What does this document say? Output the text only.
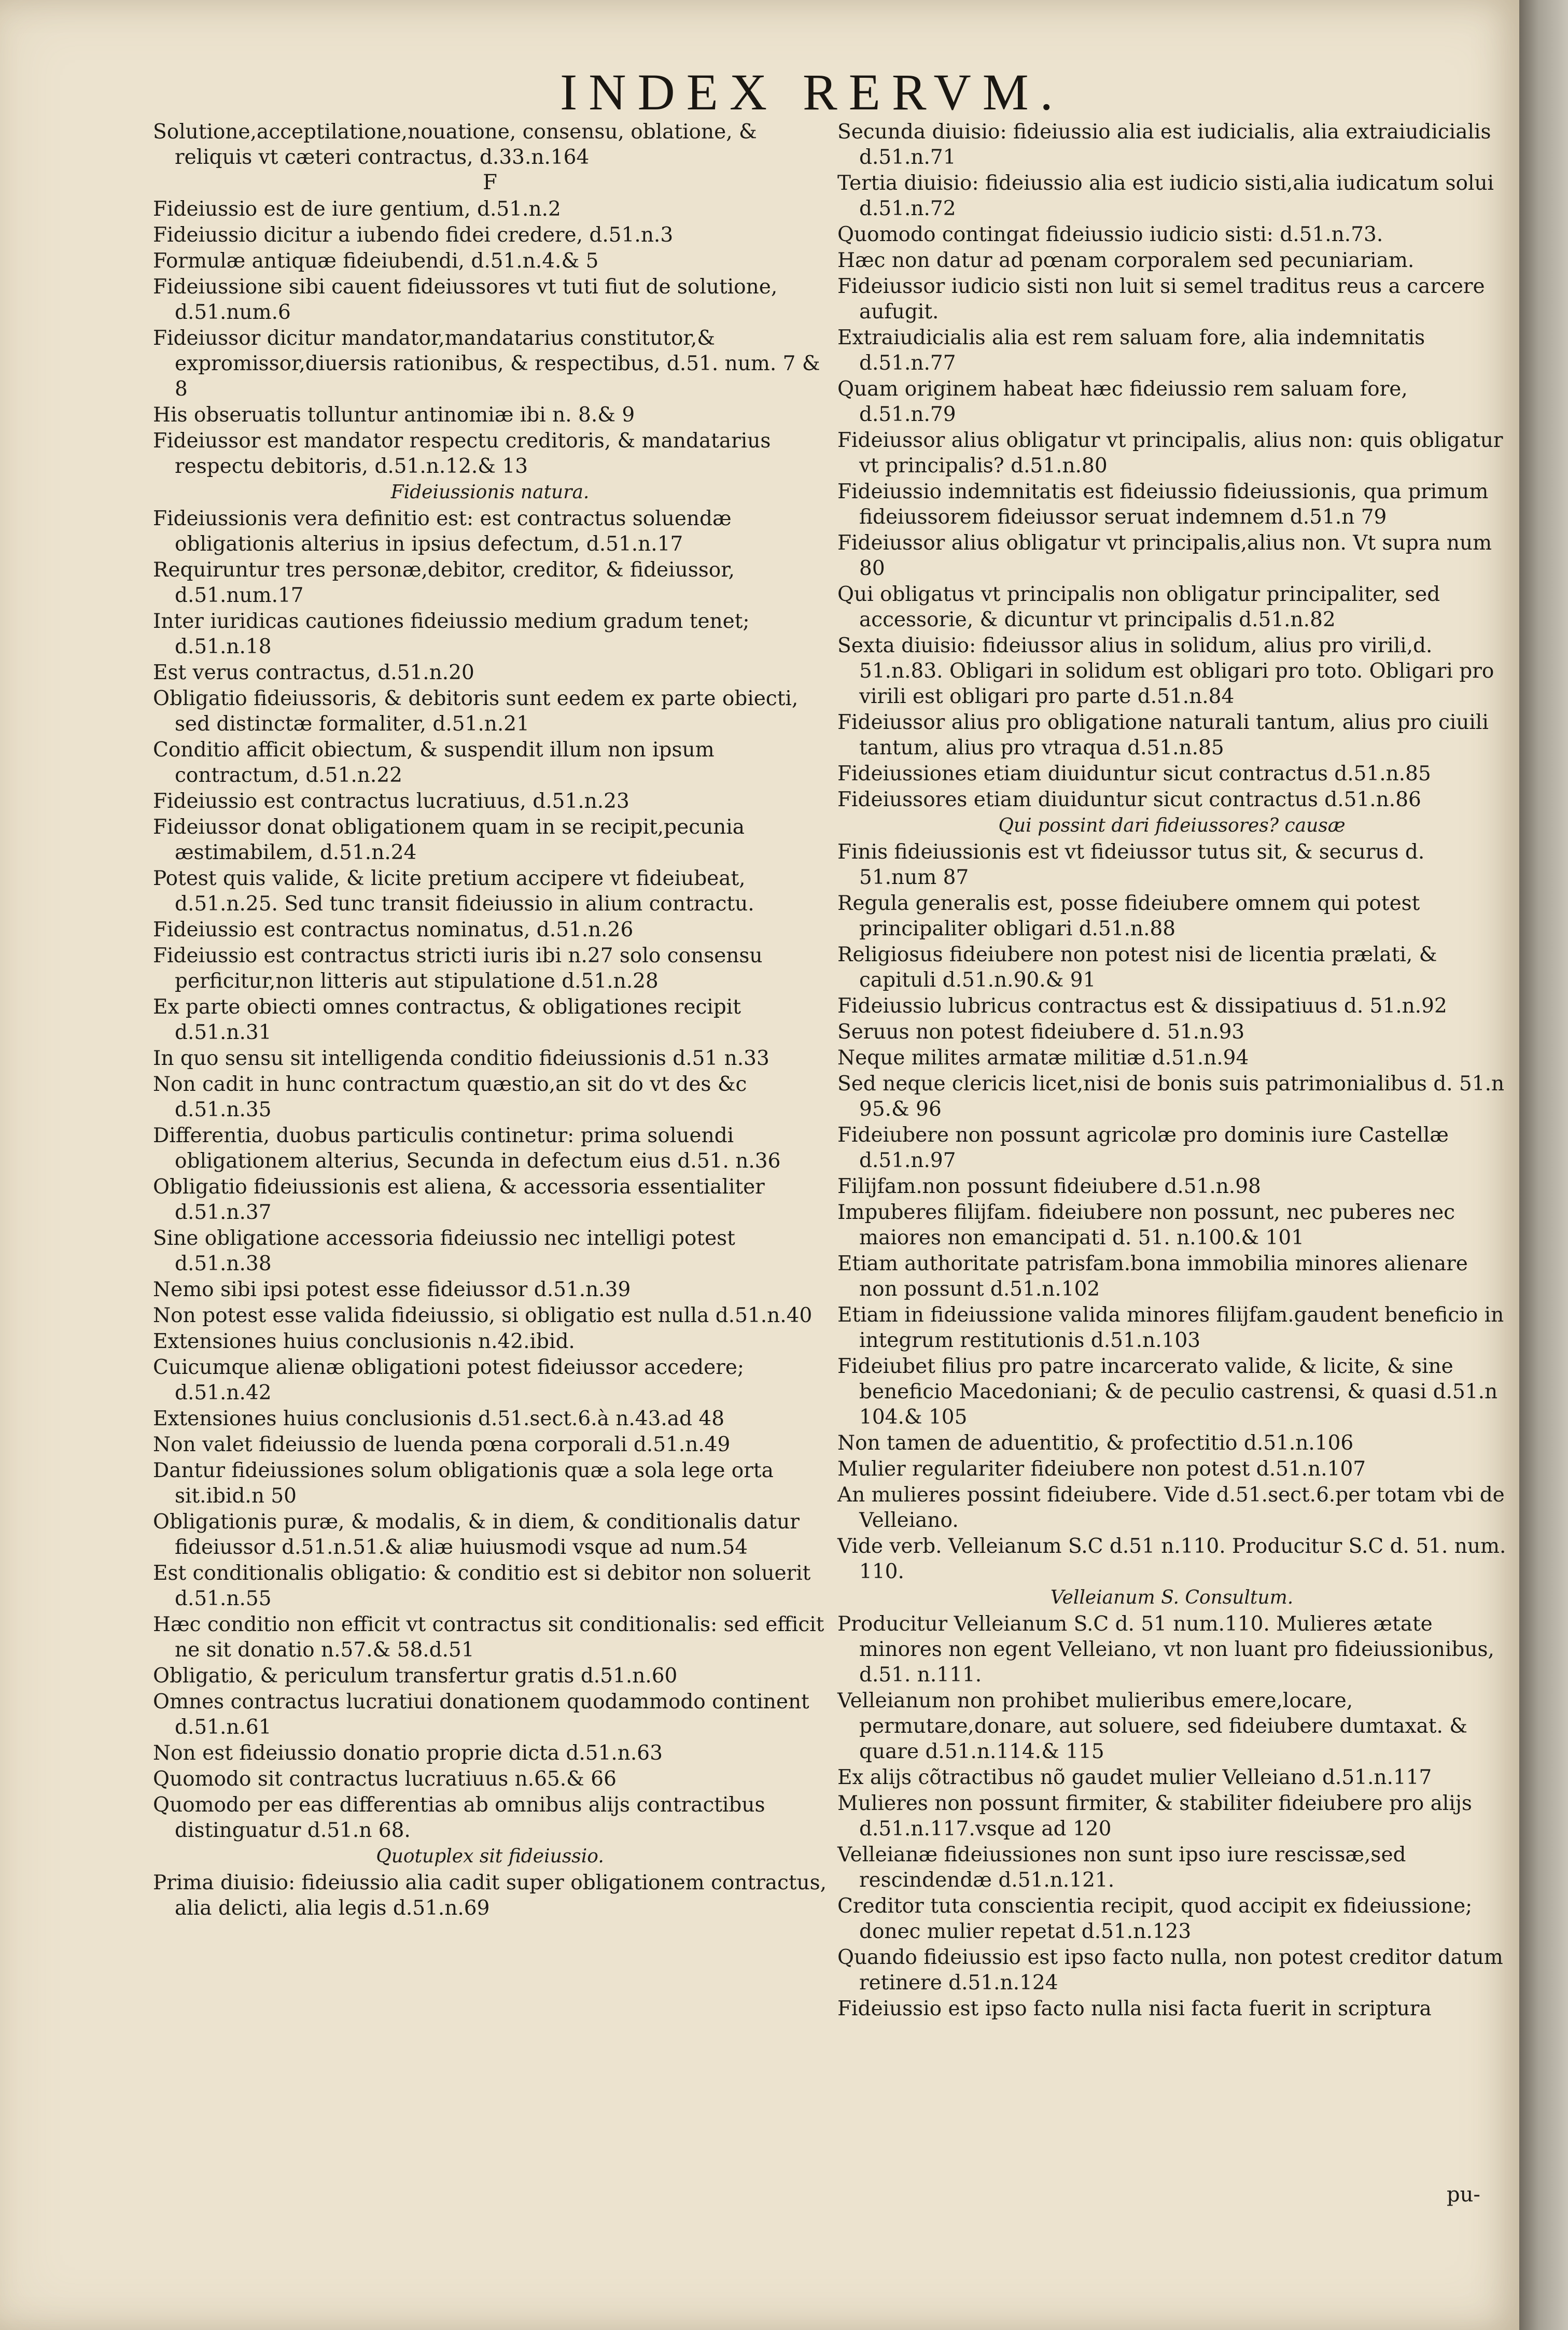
INDEX RERVM.
Solutione,acceptilatione,nouatione, consensu, oblatione, & reliquis vt cæteri contractus, d.33.n.164
F
Fideiussio est de iure gentium, d.51.n.2
Fideiussio dicitur a iubendo fidei credere, d.51.n.3
Formulæ antiquæ fideiubendi, d.51.n.4.& 5
Fideiussione sibi cauent fideiussores vt tuti fiut de solutione, d.51.num.6
Fideiussor dicitur mandator,mandatarius constitutor,& expromissor,diuersis rationibus, & respectibus, d.51. num. 7 & 8
His obseruatis tolluntur antinomiæ ibi n. 8.& 9
Fideiussor est mandator respectu creditoris, & mandatarius respectu debitoris, d.51.n.12.& 13
Fideiussionis natura.
Fideiussionis vera definitio est: est contractus soluendæ obligationis alterius in ipsius defectum, d.51.n.17
Requiruntur tres personæ,debitor, creditor, & fideiussor, d.51.num.17
Inter iuridicas cautiones fideiussio medium gradum tenet; d.51.n.18
Est verus contractus, d.51.n.20
Obligatio fideiussoris, & debitoris sunt eedem ex parte obiecti, sed distinctæ formaliter, d.51.n.21
Conditio afficit obiectum, & suspendit illum non ipsum contractum, d.51.n.22
Fideiussio est contractus lucratiuus, d.51.n.23
Fideiussor donat obligationem quam in se recipit,pecunia æstimabilem, d.51.n.24
Potest quis valide, & licite pretium accipere vt fideiubeat, d.51.n.25. Sed tunc transit fideiussio in alium contractu.
Fideiussio est contractus nominatus, d.51.n.26
Fideiussio est contractus stricti iuris ibi n.27 solo consensu perficitur,non litteris aut stipulatione d.51.n.28
Ex parte obiecti omnes contractus, & obligationes recipit d.51.n.31
In quo sensu sit intelligenda conditio fideiussionis d.51 n.33
Non cadit in hunc contractum quæstio,an sit do vt des &c d.51.n.35
Differentia, duobus particulis continetur: prima soluendi obligationem alterius, Secunda in defectum eius d.51. n.36
Obligatio fideiussionis est aliena, & accessoria essentialiter d.51.n.37
Sine obligatione accessoria fideiussio nec intelligi potest d.51.n.38
Nemo sibi ipsi potest esse fideiussor d.51.n.39
Non potest esse valida fideiussio, si obligatio est nulla d.51.n.40
Extensiones huius conclusionis n.42.ibid.
Cuicumque alienæ obligationi potest fideiussor accedere; d.51.n.42
Extensiones huius conclusionis d.51.sect.6.à n.43.ad 48
Non valet fideiussio de luenda pœna corporali d.51.n.49
Dantur fideiussiones solum obligationis quæ a sola lege orta sit.ibid.n 50
Obligationis puræ, & modalis, & in diem, & conditionalis datur fideiussor d.51.n.51.& aliæ huiusmodi vsque ad num.54
Est conditionalis obligatio: & conditio est si debitor non soluerit d.51.n.55
Hæc conditio non efficit vt contractus sit conditionalis: sed efficit ne sit donatio n.57.& 58.d.51
Obligatio, & periculum transfertur gratis d.51.n.60
Omnes contractus lucratiui donationem quodammodo continent d.51.n.61
Non est fideiussio donatio proprie dicta d.51.n.63
Quomodo sit contractus lucratiuus n.65.& 66
Quomodo per eas differentias ab omnibus alijs contractibus distinguatur d.51.n 68.
Quotuplex sit fideiussio.
Prima diuisio: fideiussio alia cadit super obligationem contractus, alia delicti, alia legis d.51.n.69
Secunda diuisio: fideiussio alia est iudicialis, alia extraiudicialis d.51.n.71
Tertia diuisio: fideiussio alia est iudicio sisti,alia iudicatum solui d.51.n.72
Quomodo contingat fideiussio iudicio sisti: d.51.n.73.
Hæc non datur ad pœnam corporalem sed pecuniariam.
Fideiussor iudicio sisti non luit si semel traditus reus a carcere aufugit.
Extraiudicialis alia est rem saluam fore, alia indemnitatis d.51.n.77
Quam originem habeat hæc fideiussio rem saluam fore, d.51.n.79
Fideiussor alius obligatur vt principalis, alius non: quis obligatur vt principalis? d.51.n.80
Fideiussio indemnitatis est fideiussio fideiussionis, qua primum fideiussorem fideiussor seruat indemnem d.51.n 79
Fideiussor alius obligatur vt principalis,alius non. Vt supra num 80
Qui obligatus vt principalis non obligatur principaliter, sed accessorie, & dicuntur vt principalis d.51.n.82
Sexta diuisio: fideiussor alius in solidum, alius pro virili,d. 51.n.83. Obligari in solidum est obligari pro toto. Obligari pro virili est obligari pro parte d.51.n.84
Fideiussor alius pro obligatione naturali tantum, alius pro ciuili tantum, alius pro vtraqua d.51.n.85
Fideiussiones etiam diuiduntur sicut contractus d.51.n.85
Fideiussores etiam diuiduntur sicut contractus d.51.n.86
Qui possint dari fideiussores? causæ
Finis fideiussionis est vt fideiussor tutus sit, & securus d. 51.num 87
Regula generalis est, posse fideiubere omnem qui potest principaliter obligari d.51.n.88
Religiosus fideiubere non potest nisi de licentia prælati, & capituli d.51.n.90.& 91
Fideiussio lubricus contractus est & dissipatiuus d. 51.n.92
Seruus non potest fideiubere d. 51.n.93
Neque milites armatæ militiæ d.51.n.94
Sed neque clericis licet,nisi de bonis suis patrimonialibus d. 51.n 95.& 96
Fideiubere non possunt agricolæ pro dominis iure Castellæ d.51.n.97
Filijfam.non possunt fideiubere d.51.n.98
Impuberes filijfam. fideiubere non possunt, nec puberes nec maiores non emancipati d. 51. n.100.& 101
Etiam authoritate patrisfam.bona immobilia minores alienare non possunt d.51.n.102
Etiam in fideiussione valida minores filijfam.gaudent beneficio in integrum restitutionis d.51.n.103
Fideiubet filius pro patre incarcerato valide, & licite, & sine beneficio Macedoniani; & de peculio castrensi, & quasi d.51.n 104.& 105
Non tamen de aduentitio, & profectitio d.51.n.106
Mulier regulariter fideiubere non potest d.51.n.107
An mulieres possint fideiubere. Vide d.51.sect.6.per totam vbi de Velleiano.
Vide verb. Velleianum S.C d.51 n.110. Producitur S.C d. 51. num. 110.
Velleianum S. Consultum.
Producitur Velleianum S.C d. 51 num.110. Mulieres ætate minores non egent Velleiano, vt non luant pro fideiussionibus, d.51. n.111.
Velleianum non prohibet mulieribus emere,locare, permutare,donare, aut soluere, sed fideiubere dumtaxat. & quare d.51.n.114.& 115
Ex alijs cõtractibus nõ gaudet mulier Velleiano d.51.n.117
Mulieres non possunt firmiter, & stabiliter fideiubere pro alijs d.51.n.117.vsque ad 120
Velleianæ fideiussiones non sunt ipso iure rescissæ,sed rescindendæ d.51.n.121.
Creditor tuta conscientia recipit, quod accipit ex fideiussione; donec mulier repetat d.51.n.123
Quando fideiussio est ipso facto nulla, non potest creditor datum retinere d.51.n.124
Fideiussio est ipso facto nulla nisi facta fuerit in scriptura
pu-
